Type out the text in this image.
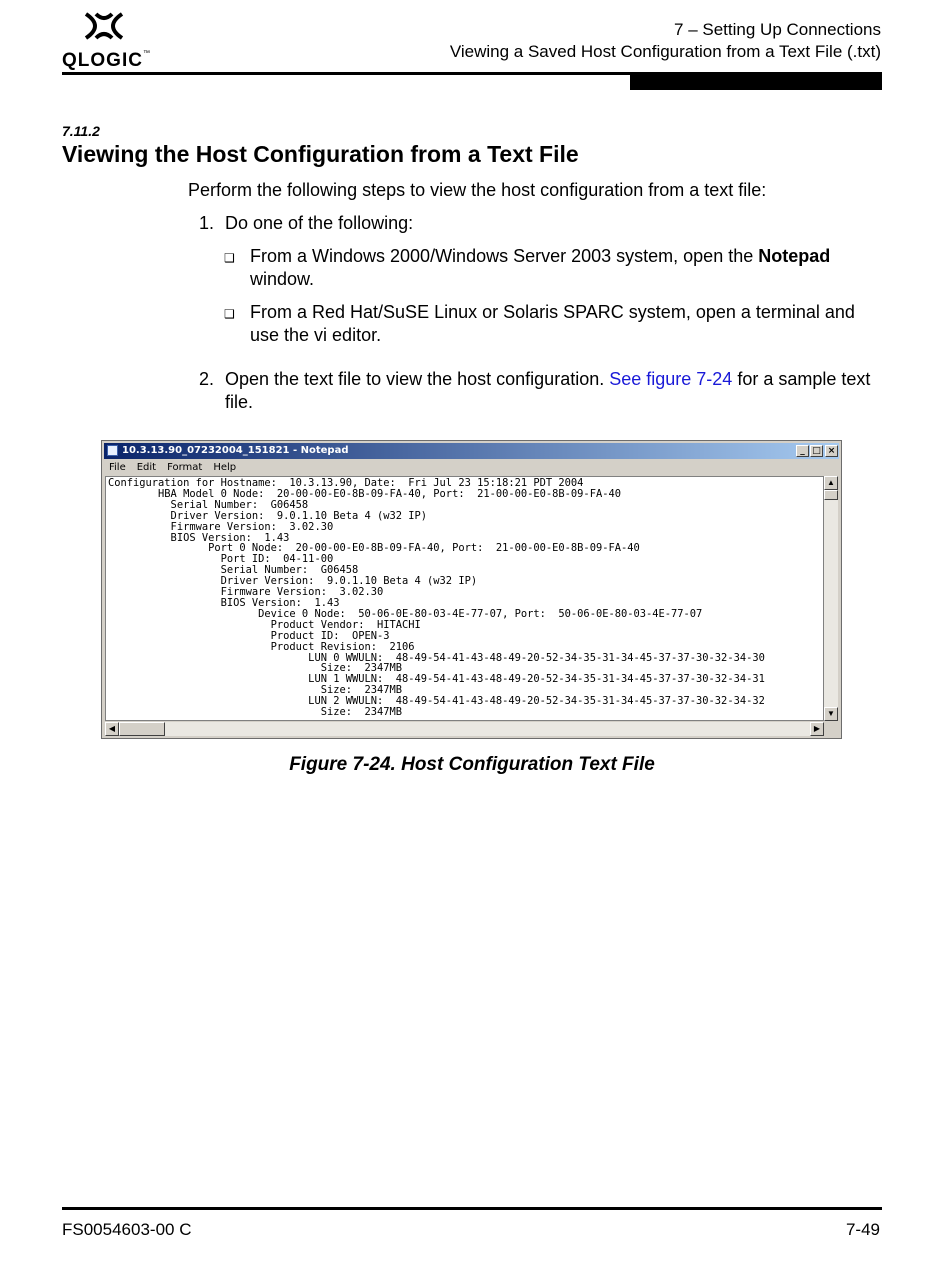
QLOGIC™
7 – Setting Up Connections
Viewing a Saved Host Configuration from a Text File (.txt)
7.11.2
Viewing the Host Configuration from a Text File
Perform the following steps to view the host configuration from a text file:
1. Do one of the following:
❑ From a Windows 2000/Windows Server 2003 system, open the Notepad window.
❑ From a Red Hat/SuSE Linux or Solaris SPARC system, open a terminal and use the vi editor.
2. Open the text file to view the host configuration. See figure 7-24 for a sample text file.
10.3.13.90_07232004_151821 - Notepad	_ □ ×
File Edit Format Help
Configuration for Hostname:  10.3.13.90, Date:  Fri Jul 23 15:18:21 PDT 2004
HBA Model 0 Node:  20-00-00-E0-8B-09-FA-40, Port:  21-00-00-E0-8B-09-FA-40
Serial Number:  G06458
Driver Version:  9.0.1.10 Beta 4 (w32 IP)
Firmware Version:  3.02.30
BIOS Version:  1.43
Port 0 Node:  20-00-00-E0-8B-09-FA-40, Port:  21-00-00-E0-8B-09-FA-40
Port ID:  04-11-00
Serial Number:  G06458
Driver Version:  9.0.1.10 Beta 4 (w32 IP)
Firmware Version:  3.02.30
BIOS Version:  1.43
Device 0 Node:  50-06-0E-80-03-4E-77-07, Port:  50-06-0E-80-03-4E-77-07
Product Vendor:  HITACHI
Product ID:  OPEN-3
Product Revision:  2106
LUN 0 WWULN:  48-49-54-41-43-48-49-20-52-34-35-31-34-45-37-37-30-32-34-30
Size:  2347MB
LUN 1 WWULN:  48-49-54-41-43-48-49-20-52-34-35-31-34-45-37-37-30-32-34-31
Size:  2347MB
LUN 2 WWULN:  48-49-54-41-43-48-49-20-52-34-35-31-34-45-37-37-30-32-34-32
Size:  2347MB
▲
▼
◀	▶
Figure 7-24. Host Configuration Text File
FS0054603-00 C	7-49
